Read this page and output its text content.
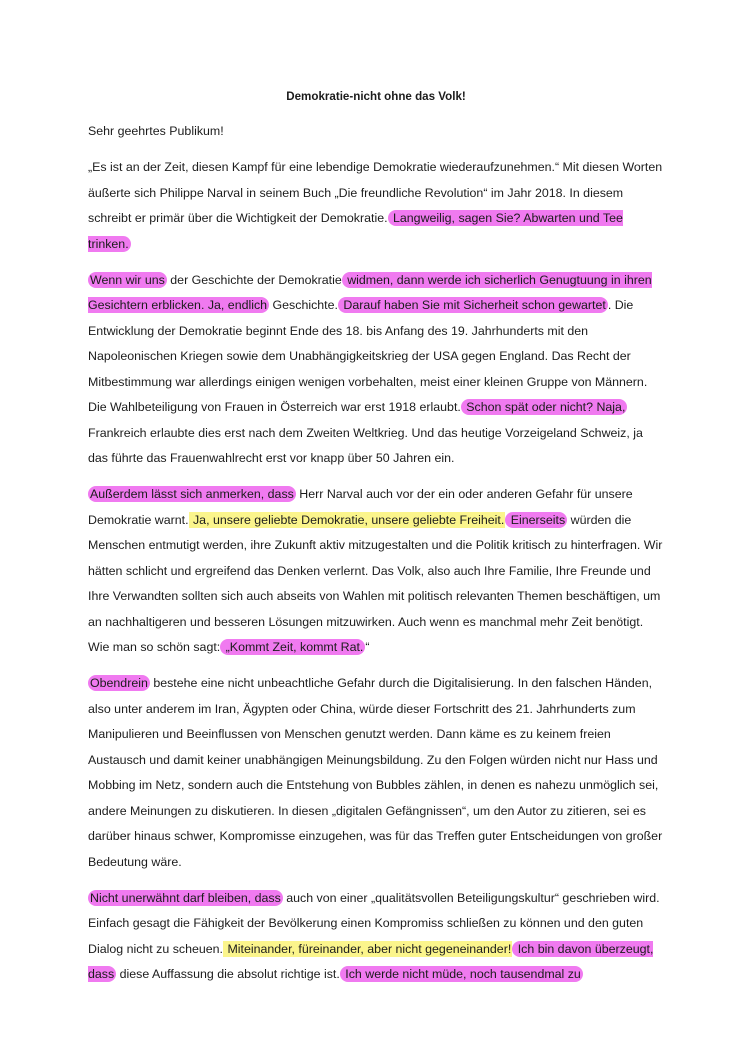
Demokratie-nicht ohne das Volk!

Sehr geehrtes Publikum!

„Es ist an der Zeit, diesen Kampf für eine lebendige Demokratie wiederaufzunehmen.“ Mit diesen Worten äußerte sich Philippe Narval in seinem Buch „Die freundliche Revolution“ im Jahr 2018. In diesem schreibt er primär über die Wichtigkeit der Demokratie. Langweilig, sagen Sie? Abwarten und Tee trinken.

Wenn wir uns der Geschichte der Demokratie widmen, dann werde ich sicherlich Genugtuung in ihren Gesichtern erblicken. Ja, endlich Geschichte. Darauf haben Sie mit Sicherheit schon gewartet . Die Entwicklung der Demokratie beginnt Ende des 18. bis Anfang des 19. Jahrhunderts mit den Napoleonischen Kriegen sowie dem Unabhängigkeitskrieg der USA gegen England. Das Recht der Mitbestimmung war allerdings einigen wenigen vorbehalten, meist einer kleinen Gruppe von Männern. Die Wahlbeteiligung von Frauen in Österreich war erst 1918 erlaubt. Schon spät oder nicht? Naja, Frankreich erlaubte dies erst nach dem Zweiten Weltkrieg. Und das heutige Vorzeigeland Schweiz, ja das führte das Frauenwahlrecht erst vor knapp über 50 Jahren ein.

Außerdem lässt sich anmerken, dass Herr Narval auch vor der ein oder anderen Gefahr für unsere Demokratie warnt. Ja, unsere geliebte Demokratie, unsere geliebte Freiheit. Einerseits würden die Menschen entmutigt werden, ihre Zukunft aktiv mitzugestalten und die Politik kritisch zu hinterfragen. Wir hätten schlicht und ergreifend das Denken verlernt. Das Volk, also auch Ihre Familie, Ihre Freunde und Ihre Verwandten sollten sich auch abseits von Wahlen mit politisch relevanten Themen beschäftigen, um an nachhaltigeren und besseren Lösungen mitzuwirken. Auch wenn es manchmal mehr Zeit benötigt. Wie man so schön sagt: „Kommt Zeit, kommt Rat. “

Obendrein bestehe eine nicht unbeachtliche Gefahr durch die Digitalisierung. In den falschen Händen, also unter anderem im Iran, Ägypten oder China, würde dieser Fortschritt des 21. Jahrhunderts zum Manipulieren und Beeinflussen von Menschen genutzt werden. Dann käme es zu keinem freien Austausch und damit keiner unabhängigen Meinungsbildung. Zu den Folgen würden nicht nur Hass und Mobbing im Netz, sondern auch die Entstehung von Bubbles zählen, in denen es nahezu unmöglich sei, andere Meinungen zu diskutieren. In diesen „digitalen Gefängnissen“, um den Autor zu zitieren, sei es darüber hinaus schwer, Kompromisse einzugehen, was für das Treffen guter Entscheidungen von großer Bedeutung wäre.

Nicht unerwähnt darf bleiben, dass auch von einer „qualitätsvollen Beteiligungskultur“ geschrieben wird. Einfach gesagt die Fähigkeit der Bevölkerung einen Kompromiss schließen zu können und den guten Dialog nicht zu scheuen. Miteinander, füreinander, aber nicht gegeneinander! Ich bin davon überzeugt, dass diese Auffassung die absolut richtige ist. Ich werde nicht müde, noch tausendmal zu
